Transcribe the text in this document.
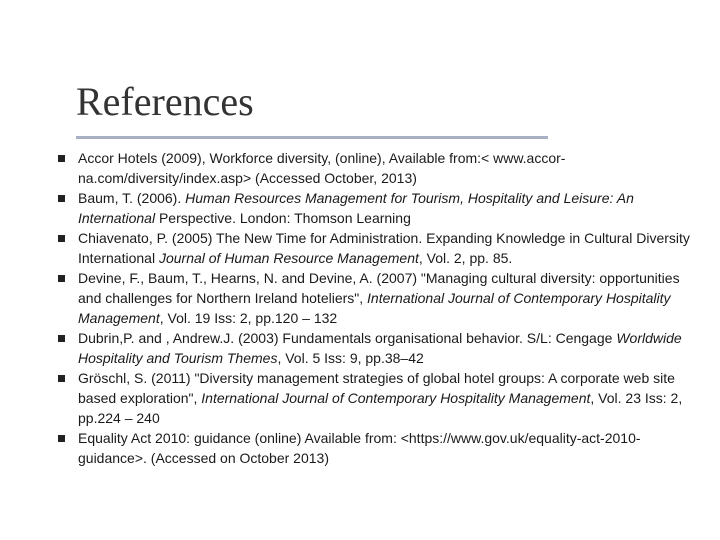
References
Accor Hotels (2009), Workforce diversity, (online), Available from:< www.accor-na.com/diversity/index.asp> (Accessed October, 2013)
Baum, T. (2006). Human Resources Management for Tourism, Hospitality and Leisure: An International Perspective. London: Thomson Learning
Chiavenato, P. (2005) The New Time for Administration. Expanding Knowledge in Cultural Diversity International Journal of Human Resource Management, Vol. 2, pp. 85.
Devine, F., Baum, T., Hearns, N. and Devine, A. (2007) "Managing cultural diversity: opportunities and challenges for Northern Ireland hoteliers", International Journal of Contemporary Hospitality Management, Vol. 19 Iss: 2, pp.120 – 132
Dubrin,P. and , Andrew.J. (2003) Fundamentals organisational behavior. S/L: Cengage Worldwide Hospitality and Tourism Themes, Vol. 5 Iss: 9, pp.38–42
Gröschl, S. (2011) "Diversity management strategies of global hotel groups: A corporate web site based exploration", International Journal of Contemporary Hospitality Management, Vol. 23 Iss: 2, pp.224 – 240
Equality Act 2010: guidance (online) Available from: <https://www.gov.uk/equality-act-2010-guidance>. (Accessed on October 2013)
